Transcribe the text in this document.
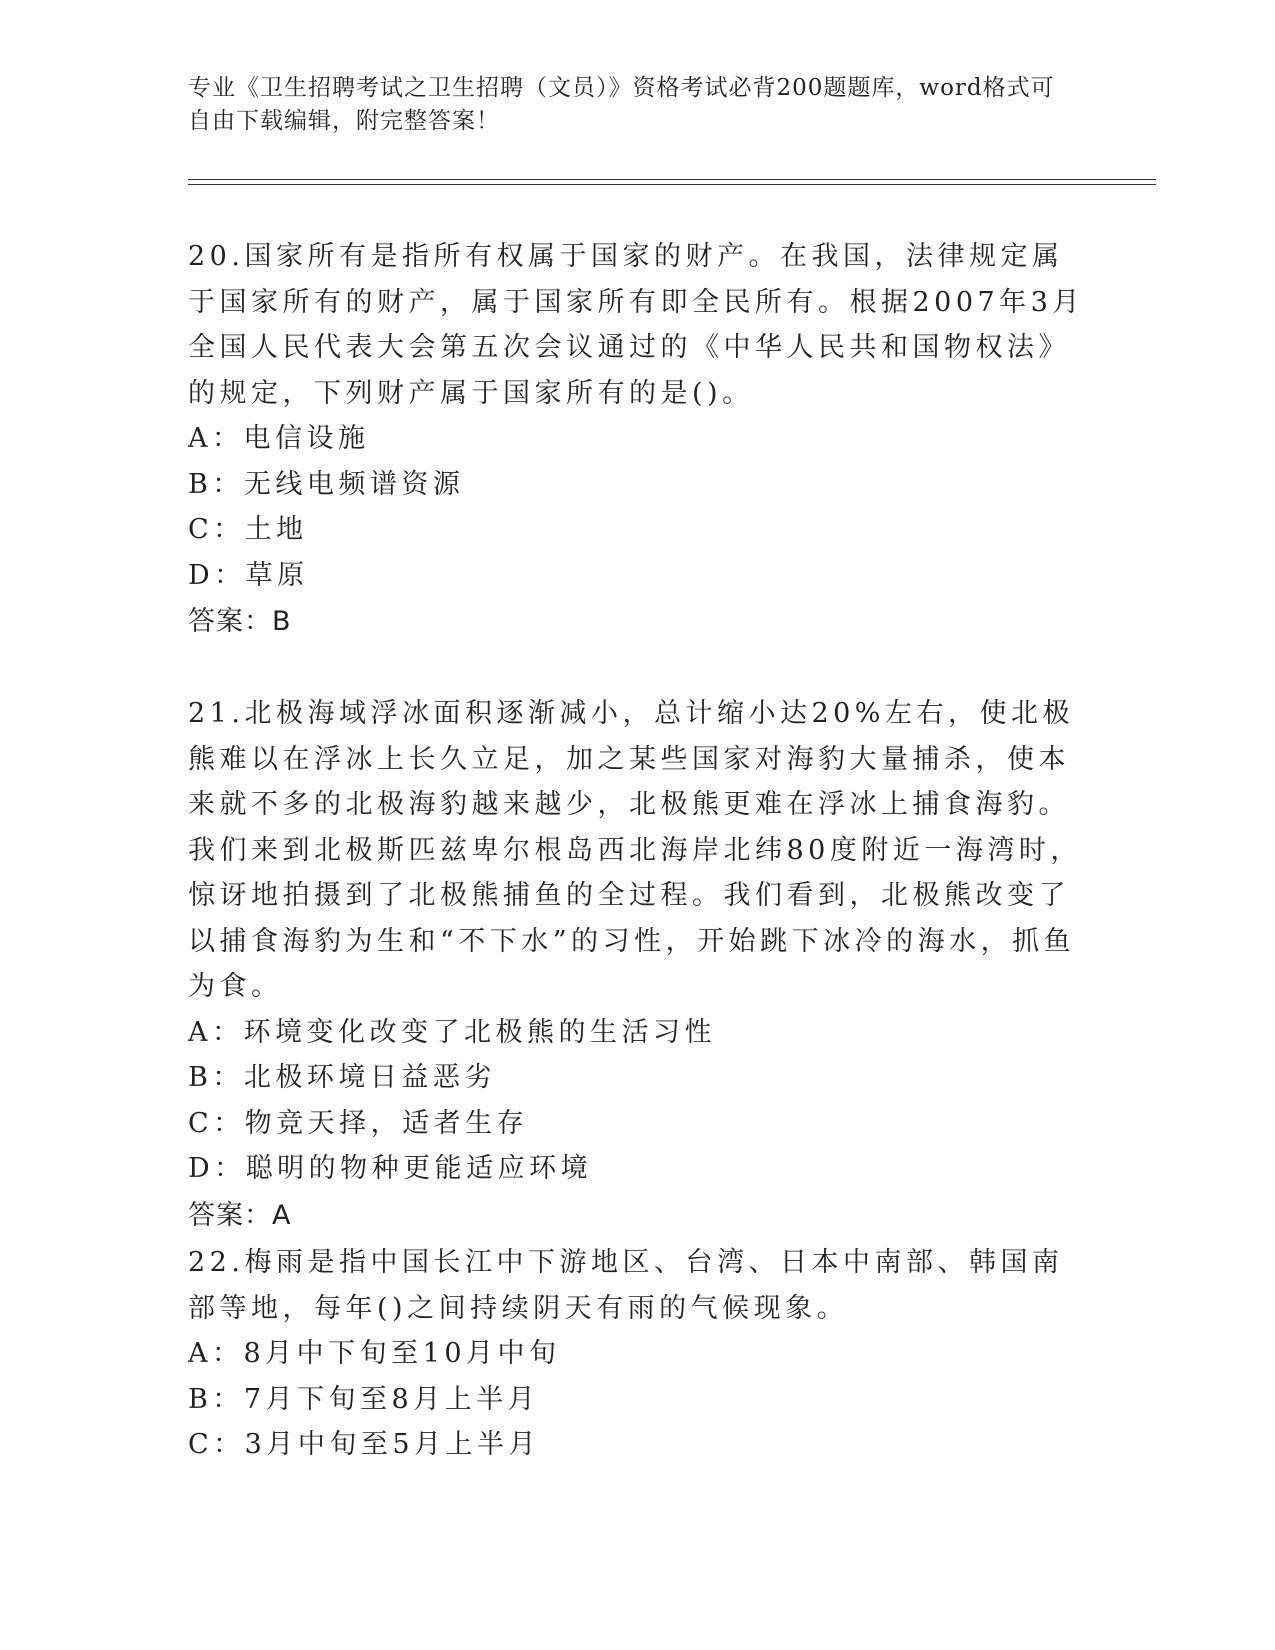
专业《卫生招聘考试之卫生招聘（文员）》资格考试必背200题题库，word格式可自由下载编辑，附完整答案！

20.国家所有是指所有权属于国家的财产。在我国，法律规定属于国家所有的财产，属于国家所有即全民所有。根据2007年3月全国人民代表大会第五次会议通过的《中华人民共和国物权法》的规定，下列财产属于国家所有的是()。

A：电信设施

B：无线电频谱资源

C：土地

D：草原

答案：B

21.北极海域浮冰面积逐渐减小，总计缩小达20%左右，使北极熊难以在浮冰上长久立足，加之某些国家对海豹大量捕杀，使本来就不多的北极海豹越来越少，北极熊更难在浮冰上捕食海豹。我们来到北极斯匹兹卑尔根岛西北海岸北纬80度附近一海湾时，惊讶地拍摄到了北极熊捕鱼的全过程。我们看到，北极熊改变了以捕食海豹为生和“不下水”的习性，开始跳下冰冷的海水，抓鱼为食。

A：环境变化改变了北极熊的生活习性

B：北极环境日益恶劣

C：物竞天择，适者生存

D：聪明的物种更能适应环境

答案：A

22.梅雨是指中国长江中下游地区、台湾、日本中南部、韩国南部等地，每年()之间持续阴天有雨的气候现象。

A：8月中下旬至10月中旬

B：7月下旬至8月上半月

C：3月中旬至5月上半月
